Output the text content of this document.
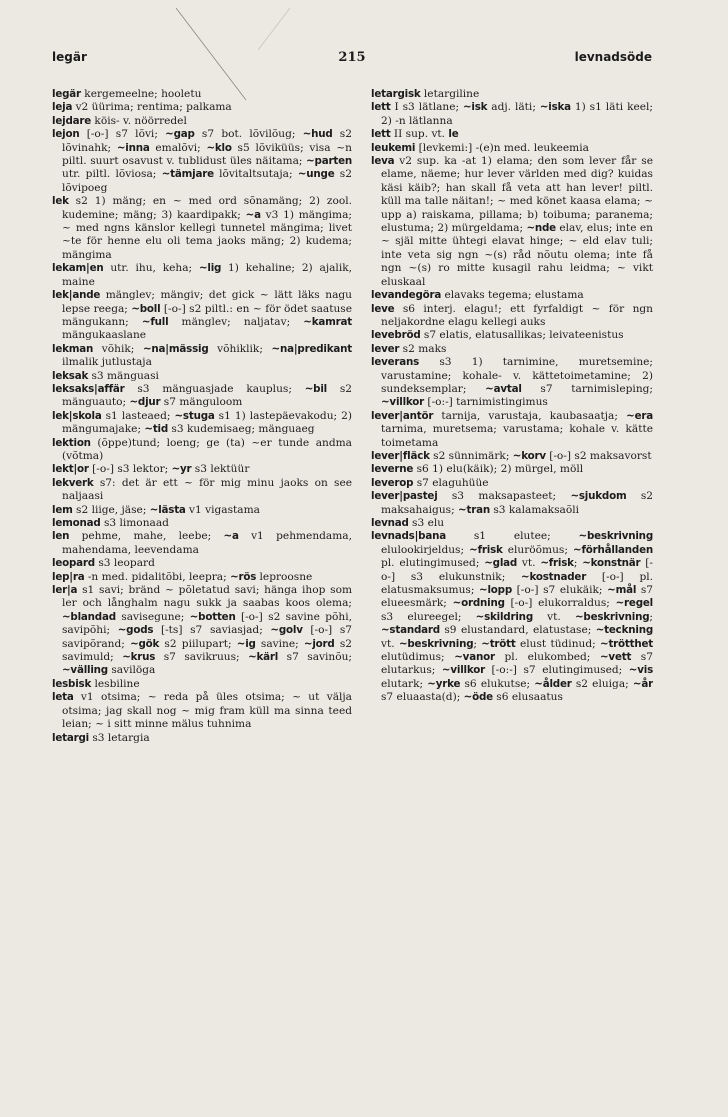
legär	215	levnadsöde

legär kergemeelne; hooletu

leja v2 üürima; rentima; palkama

lejdare köis- v. nöörredel

lejon [-o-] s7 lõvi; ~gap s7 bot. lõvilõug; ~hud s2 lõvinahk; ~inna emalõvi; ~klo s5 lõviküüs; visa ~n piltl. suurt osavust v. tublidust üles näitama; ~parten utr. piltl. lõviosa; ~tämjare lõvitaltsutaja; ~unge s2 lõvipoeg

lek s2 1) mäng; en ~ med ord sõnamäng; 2) zool. kudemine; mäng; 3) kaardipakk; ~a v3 1) mängima; ~ med ngns känslor kellegi tunnetel mängima; livet ~te för henne elu oli tema jaoks mäng; 2) kudema; mängima

lekam|en utr. ihu, keha; ~lig 1) kehaline; 2) ajalik, maine

lek|ande mänglev; mängiv; det gick ~ lätt läks nagu lepse reega; ~boll [-o-] s2 piltl.: en ~ för ödet saatuse mängukann; ~full mänglev; naljatav; ~kamrat mängukaaslane

lekman võhik; ~na|mässig võhiklik; ~na|predikant ilmalik jutlustaja

leksak s3 mänguasi

leksaks|affär s3 mänguasjade kauplus; ~bil s2 mänguauto; ~djur s7 mänguloom

lek|skola s1 lasteaed; ~stuga s1 1) lastepäevakodu; 2) mängumajake; ~tid s3 kudemisaeg; mänguaeg

lektion (õppe)tund; loeng; ge (ta) ~er tunde andma (võtma)

lekt|or [-o-] s3 lektor; ~yr s3 lektüür

lekverk s7: det är ett ~ för mig minu jaoks on see naljaasi

lem s2 liige, jäse; ~lästa v1 vigastama

lemonad s3 limonaad

len pehme, mahe, leebe; ~a v1 pehmendama, mahendama, leevendama

leopard s3 leopard

lep|ra -n med. pidalitõbi, leepra; ~rös leproosne

ler|a s1 savi; bränd ~ põletatud savi; hänga ihop som ler och långhalm nagu sukk ja saabas koos olema; ~blandad savisegune; ~botten [-o-] s2 savine põhi, savipõhi; ~gods [-ts] s7 saviasjad; ~golv [-o-] s7 savipõrand; ~gök s2 piilupart; ~ig savine; ~jord s2 savimuld; ~krus s7 savikruus; ~kärl s7 savinõu; ~välling savilöga

lesbisk lesbiline

leta v1 otsima; ~ reda på üles otsima; ~ ut välja otsima; jag skall nog ~ mig fram küll ma sinna teed leian; ~ i sitt minne mälus tuhnima

letargi s3 letargia

letargisk letargiline

lett I s3 lätlane; ~isk adj. läti; ~iska 1) s1 läti keel; 2) -n lätlanna

lett II sup. vt. le

leukemi [levkemi:] -(e)n med. leukeemia

leva v2 sup. ka -at 1) elama; den som lever får se elame, näeme; hur lever världen med dig? kuidas käsi käib?; han skall få veta att han lever! piltl. küll ma talle näitan!; ~ med könet kaasa elama; ~ upp a) raiskama, pillama; b) toibuma; paranema; elustuma; 2) mürgeldama; ~nde elav, elus; inte en ~ själ mitte ühtegi elavat hinge; ~ eld elav tuli; inte veta sig ngn ~(s) råd nõutu olema; inte få ngn ~(s) ro mitte kusagil rahu leidma; ~ vikt eluskaal

levandegöra elavaks tegema; elustama

leve s6 interj. elagu!; ett fyrfaldigt ~ för ngn neljakordne elagu kellegi auks

levebröd s7 elatis, elatusallikas; leivateenistus

lever s2 maks

leverans s3 1) tarnimine, muretsemine; varustamine; kohale- v. kättetoimetamine; 2) sundeksemplar; ~avtal s7 tarnimisleping; ~villkor [-o:-] tarnimistingimus

lever|antör tarnija, varustaja, kaubasaatja; ~era tarnima, muretsema; varustama; kohale v. kätte toimetama

lever|fläck s2 sünnimärk; ~korv [-o-] s2 maksavorst

leverne s6 1) elu(käik); 2) mürgel, möll

leverop s7 elaguhüüe

lever|pastej s3 maksapasteet; ~sjukdom s2 maksahaigus; ~tran s3 kalamaksaõli

levnad s3 elu

levnads|bana s1 elutee; ~beskrivning elulookirjeldus; ~frisk eluröõmus; ~förhållanden pl. elutingimused; ~glad vt. ~frisk; ~konstnär [-o-] s3 elukunstnik; ~kostnader [-o-] pl. elatusmaksumus; ~lopp [-o-] s7 elukäik; ~mål s7 elueesmärk; ~ordning [-o-] elukorraldus; ~regel s3 elureegel; ~skildring vt. ~beskrivning; ~standard s9 elustandard, elatustase; ~teckning vt. ~beskrivning; ~trött elust tüdinud; ~trötthet elutüdimus; ~vanor pl. elukombed; ~vett s7 elutarkus; ~villkor [-o:-] s7 elutingimused; ~vis elutark; ~yrke s6 elukutse; ~ålder s2 eluiga; ~år s7 eluaasta(d); ~öde s6 elusaatus
